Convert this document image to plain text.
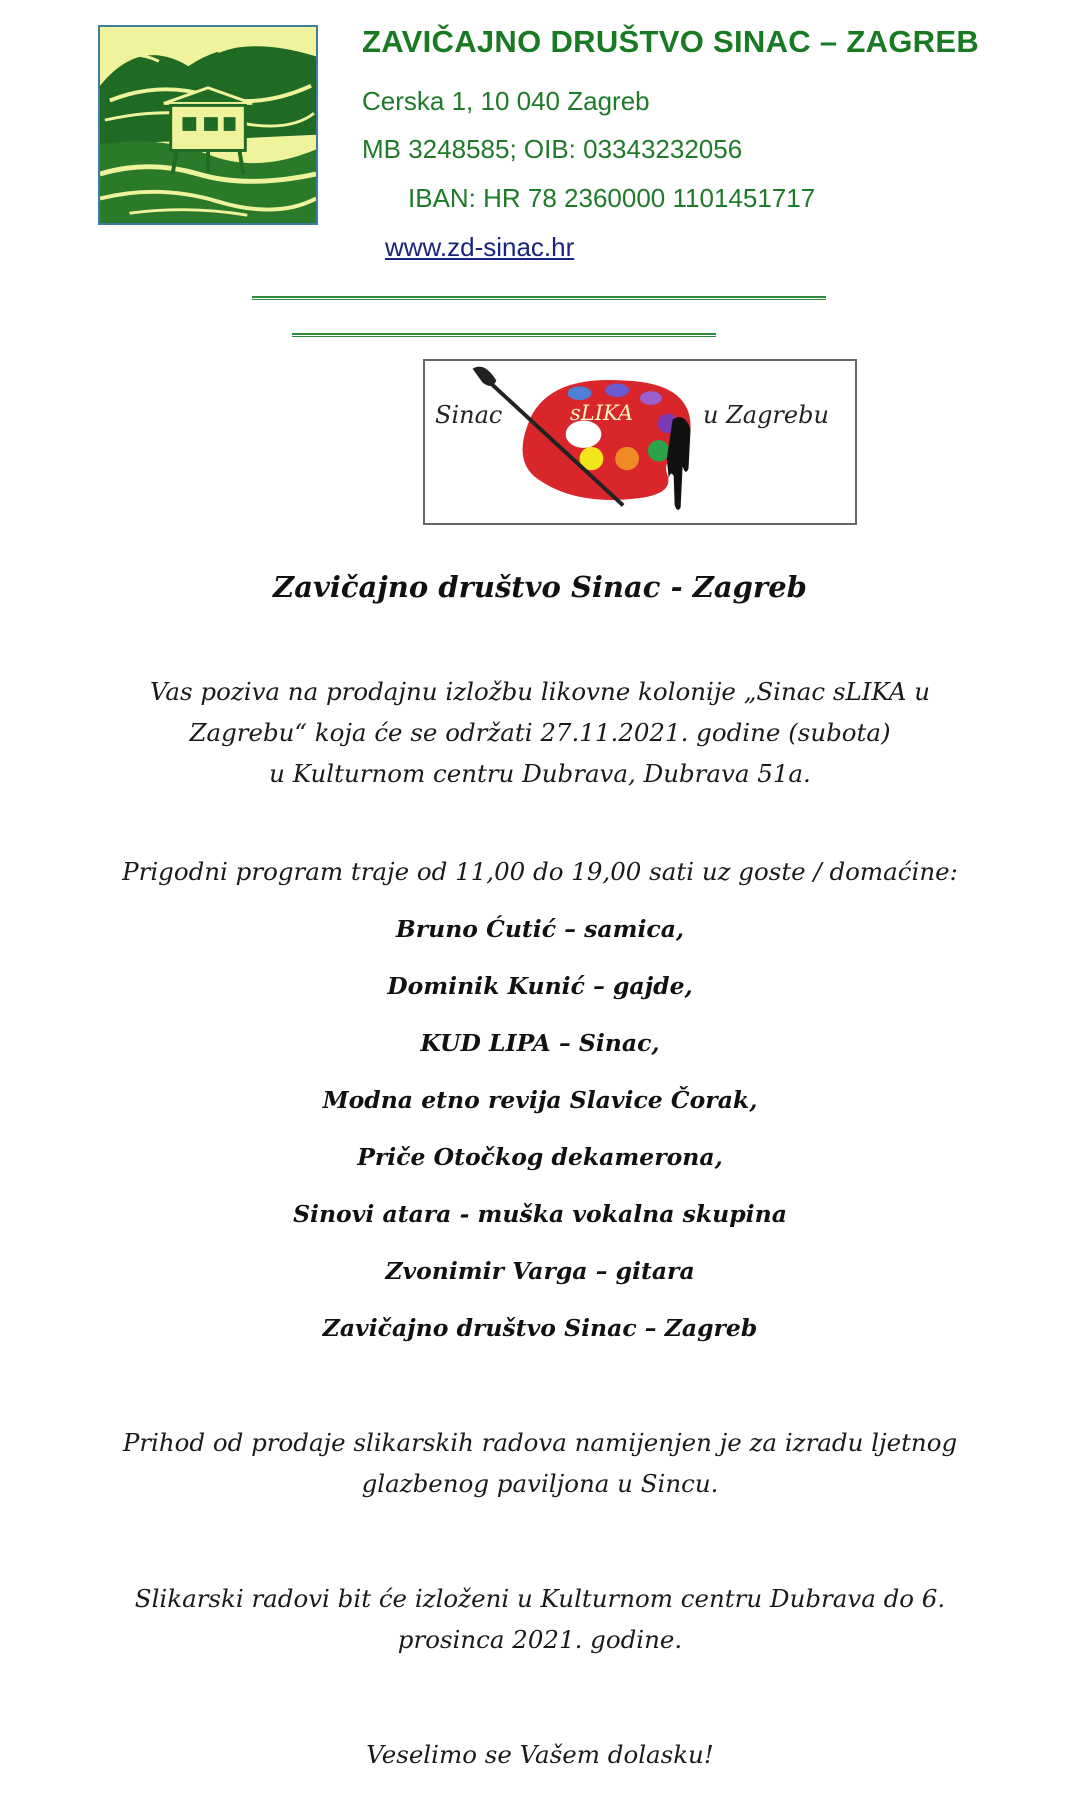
ZAVIČAJNO DRUŠTVO SINAC – ZAGREB
Cerska 1, 10 040 Zagreb
MB 3248585; OIB: 03343232056
IBAN: HR 78 2360000 1101451717
www.zd-sinac.hr
Sinac	sLIKA	u Zagrebu
Zavičajno društvo Sinac - Zagreb
Vas poziva na prodajnu izložbu likovne kolonije „Sinac sLIKA u
Zagrebu“ koja će se održati 27.11.2021. godine (subota)
u Kulturnom centru Dubrava, Dubrava 51a.
Prigodni program traje od 11,00 do 19,00 sati uz goste / domaćine:
Bruno Ćutić – samica,
Dominik Kunić – gajde,
KUD LIPA – Sinac,
Modna etno revija Slavice Čorak,
Priče Otočkog dekamerona,
Sinovi atara - muška vokalna skupina
Zvonimir Varga – gitara
Zavičajno društvo Sinac – Zagreb
Prihod od prodaje slikarskih radova namijenjen je za izradu ljetnog
glazbenog paviljona u Sincu.
Slikarski radovi bit će izloženi u Kulturnom centru Dubrava do 6.
prosinca 2021. godine.
Veselimo se Vašem dolasku!
